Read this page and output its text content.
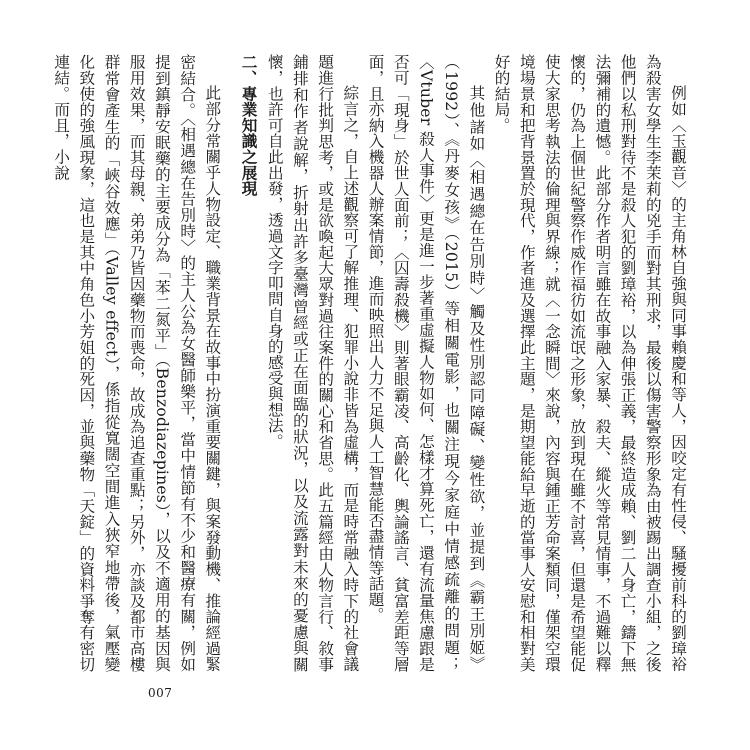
例如〈玉觀音〉的主角林自強與同事賴慶和等人，因咬定有性侵、騷擾前科的劉璋裕為殺害女學生李茉莉的兇手而對其刑求，最後以傷害警察形象為由被踢出調查小組，之後他們以私刑對待不是殺人犯的劉璋裕，以為伸張正義，最終造成賴、劉二人身亡，鑄下無法彌補的遺憾。此部分作者明言雖在故事融入家暴、殺夫、縱火等常見情事，不過難以釋懷的，仍為上個世紀警察作威作福彷如流氓之形象，放到現在雖不討喜，但還是希望能促使大家思考執法的倫理與界線；就〈一念瞬間〉來說，內容與鍾正芳命案類同，僅架空環境場景和把背景置於現代，作者進及選擇此主題，是期望能給早逝的當事人安慰和相對美好的結局。

其他諸如〈相遇總在告別時〉觸及性別認同障礙、變性欲，並提到《霸王別姬》（1992）、《丹麥女孩》（2015）等相關電影，也關注現今家庭中情感疏離的問題；〈Vtuber 殺人事件〉更是進一步著重虛擬人物如何、怎樣才算死亡，還有流量焦慮跟是否可「現身」於世人面前；〈囚壽殺機〉則著眼霸凌、高齡化、輿論謠言、貧富差距等層面，且亦納入機器人辦案情節，進而映照出人力不足與人工智慧能否盡情等話題。

綜言之，自上述觀察可了解推理、犯罪小說非皆為虛構，而是時常融入時下的社會議題進行批判思考，或是欲喚起大眾對過往案件的關心和省思。此五篇經由人物言行、敘事鋪排和作者說解，折射出許多臺灣曾經或正在面臨的狀況，以及流露對未來的憂慮與關懷，也許可自此出發，透過文字叩問自身的感受與想法。

二、專業知識之展現

此部分常關乎人物設定、職業背景在故事中扮演重要關鍵，與案發動機、推論經過緊密結合。〈相遇總在告別時〉的主人公為女醫師樂平，當中情節有不少和醫療有關，例如提到鎮靜安眠藥的主要成分為「苯二氮平」（Benzodiazepines），以及不適用的基因與服用效果，而其母親、弟弟乃皆因藥物而喪命，故成為追查重點；另外，亦談及都市高樓群常會產生的「峽谷效應」（Valley effect），係指從寬闊空間進入狹窄地帶後，氣壓變化致使的強風現象，這也是其中角色小芳姐的死因，並與藥物「天錠」的資料爭奪有密切連結。而且，小說

007
